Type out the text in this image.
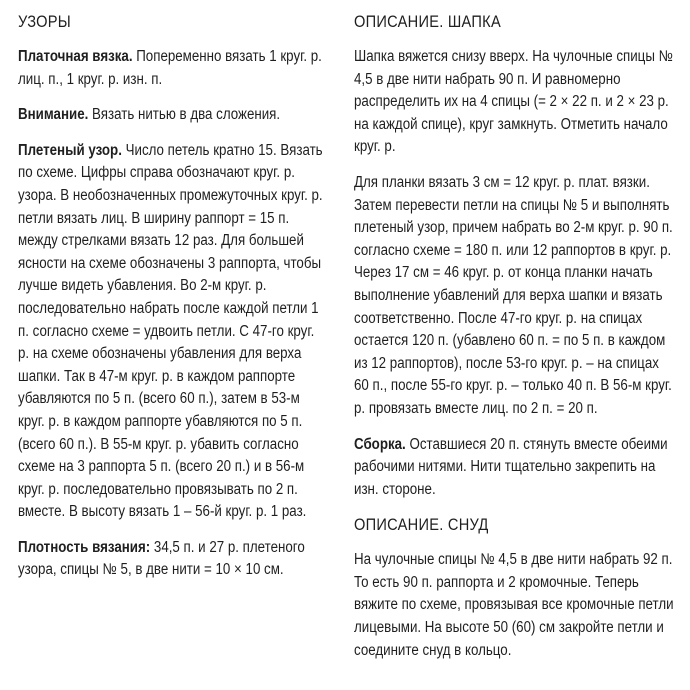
УЗОРЫ

Платочная вязка. Попеременно вязать 1 круг. р. лиц. п., 1 круг. р. изн. п.

Внимание. Вязать нитью в два сложения.

Плетеный узор. Число петель кратно 15. Вязать по схеме. Цифры справа обозначают круг. р. узора. В необозначенных промежуточных круг. р. петли вязать лиц. В ширину раппорт = 15 п. между стрелками вязать 12 раз. Для большей ясности на схеме обозначены 3 раппорта, чтобы лучше видеть убавления. Во 2-м круг. р. последовательно набрать после каждой петли 1 п. согласно схеме = удвоить петли. С 47-го круг. р. на схеме обозначены убавления для верха шапки. Так в 47-м круг. р. в каждом раппорте убавляются по 5 п. (всего 60 п.), затем в 53-м круг. р. в каждом раппорте убавляются по 5 п. (всего 60 п.). В 55-м круг. р. убавить согласно схеме на 3 раппорта 5 п. (всего 20 п.) и в 56-м круг. р. последовательно провязывать по 2 п. вместе. В высоту вязать 1 – 56-й круг. р. 1 раз.

Плотность вязания: 34,5 п. и 27 р. плетеного узора, спицы № 5, в две нити = 10 × 10 см.

ОПИСАНИЕ. ШАПКА

Шапка вяжется снизу вверх. На чулочные спицы № 4,5 в две нити набрать 90 п. И равномерно распределить их на 4 спицы (= 2 × 22 п. и 2 × 23 р. на каждой спице), круг замкнуть. Отметить начало круг. р.

Для планки вязать 3 см = 12 круг. р. плат. вязки. Затем перевести петли на спицы № 5 и выполнять плетеный узор, причем набрать во 2-м круг. р. 90 п. согласно схеме = 180 п. или 12 раппортов в круг. р. Через 17 см = 46 круг. р. от конца планки начать выполнение убавлений для верха шапки и вязать соответственно. После 47-го круг. р. на спицах остается 120 п. (убавлено 60 п. = по 5 п. в каждом из 12 раппортов), после 53-го круг. р. – на спицах 60 п., после 55-го круг. р. – только 40 п. В 56-м круг. р. провязать вместе лиц. по 2 п. = 20 п.

Сборка. Оставшиеся 20 п. стянуть вместе обеими рабочими нитями. Нити тщательно закрепить на изн. стороне.

ОПИСАНИЕ. СНУД

На чулочные спицы № 4,5 в две нити набрать 92 п. То есть 90 п. раппорта и 2 кромочные. Теперь вяжите по схеме, провязывая все кромочные петли лицевыми. На высоте 50 (60) см закройте петли и соедините снуд в кольцо.
